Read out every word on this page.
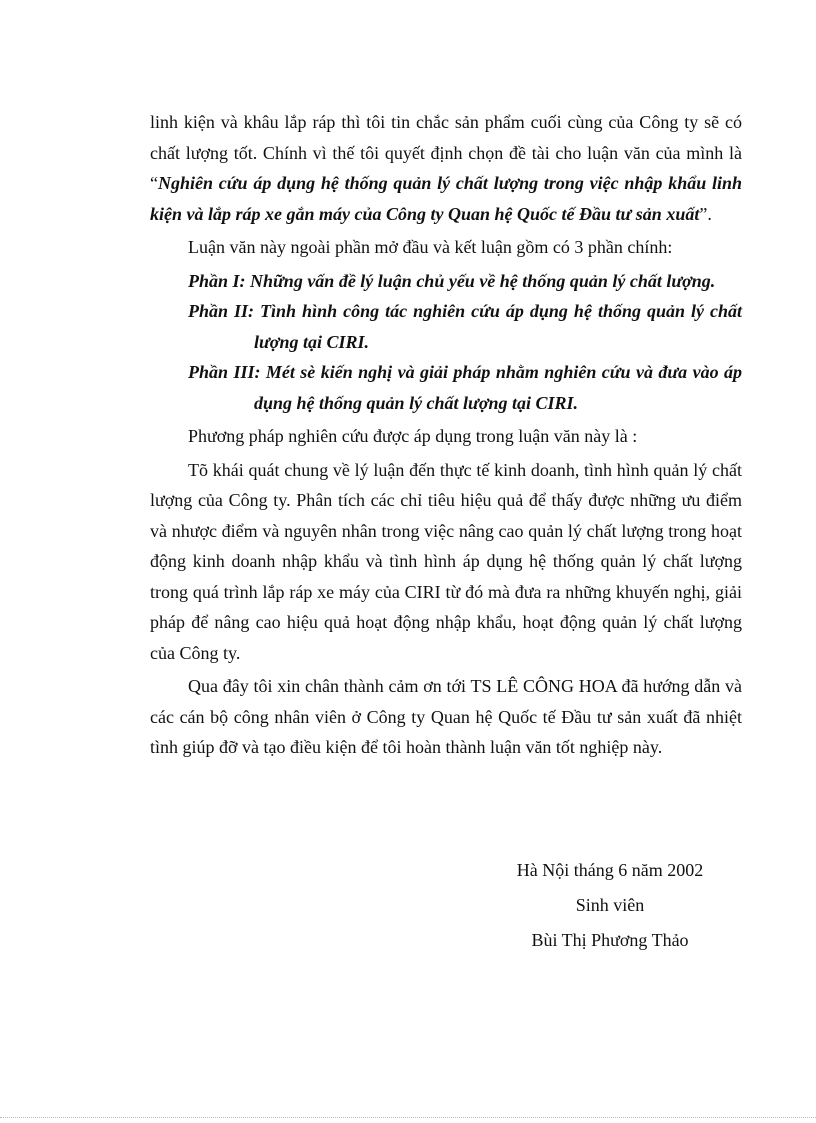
linh kiện và khâu lắp ráp thì tôi tin chắc sản phẩm cuối cùng của Công ty sẽ có chất lượng tốt. Chính vì thế tôi quyết định chọn đề tài cho luận văn của mình là “Nghiên cứu áp dụng hệ thống quản lý chất lượng trong việc nhập khẩu linh kiện và lắp ráp xe gắn máy của Công ty Quan hệ Quốc tế Đầu tư sản xuất”.

Luận văn này ngoài phần mở đầu và kết luận gồm có 3 phần chính:

Phần I: Những vấn đề lý luận chủ yếu về hệ thống quản lý chất lượng.

Phần II: Tình hình công tác nghiên cứu áp dụng hệ thống quản lý chất lượng tại CIRI.

Phần III: Mét sè kiến nghị và giải pháp nhằm nghiên cứu và đưa vào áp dụng hệ thống quản lý chất lượng tại CIRI.

Phương pháp nghiên cứu được áp dụng trong luận văn này là :

Tõ khái quát chung về lý luận đến thực tế kinh doanh, tình hình quản lý chất lượng của Công ty. Phân tích các chỉ tiêu hiệu quả để thấy được những ưu điểm và nhược điểm và nguyên nhân trong việc nâng cao quản lý chất lượng trong hoạt động kinh doanh nhập khẩu và tình hình áp dụng hệ thống quản lý chất lượng trong quá trình lắp ráp xe máy của CIRI từ đó mà đưa ra những khuyến nghị, giải pháp để nâng cao hiệu quả hoạt động nhập khẩu, hoạt động quản lý chất lượng của Công ty.

Qua đây tôi xin chân thành cảm ơn tới TS LÊ CÔNG HOA đã hướng dẫn và các cán bộ công nhân viên ở Công ty Quan hệ Quốc tế Đầu tư sản xuất đã nhiệt tình giúp đỡ và tạo điều kiện để tôi hoàn thành luận văn tốt nghiệp này.

Hà Nội tháng 6 năm 2002
Sinh viên
Bùi Thị Phương Thảo
